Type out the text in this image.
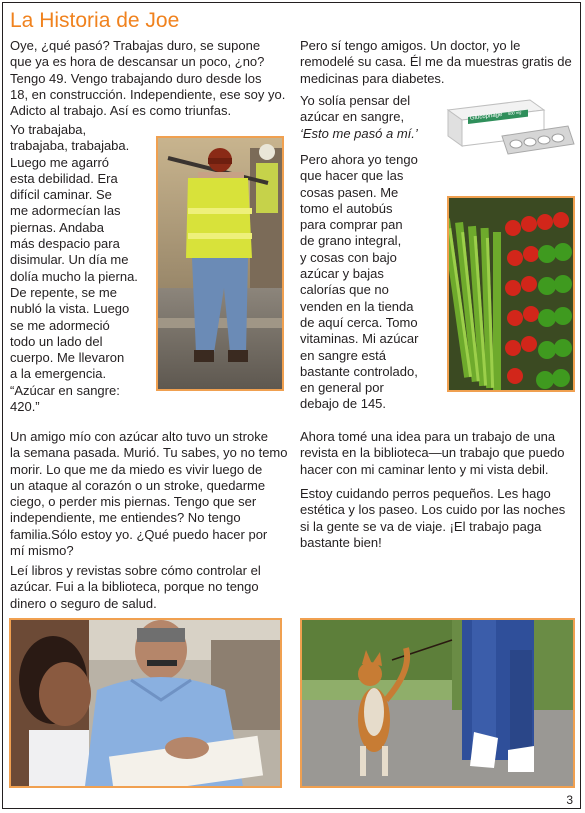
La Historia de Joe
Oye, ¿qué pasó? Trabajas duro, se supone
que ya es hora de descansar un poco, ¿no?
Tengo 49. Vengo trabajando duro desde los
18, en construcción. Independiente, ese soy yo.
Adicto al trabajo. Así es como triunfas.
Yo trabajaba,
trabajaba, trabajaba.
Luego me agarró
esta debilidad. Era
difícil caminar. Se
me adormecían las
piernas. Andaba
más despacio para
disimular. Un día me
dolía mucho la pierna.
De repente, se me
nubló la vista. Luego
se me adormeció
todo un lado del
cuerpo. Me llevaron
a la emergencia.
“Azúcar en sangre:
420.”
Pero sí tengo amigos. Un doctor, yo le
remodelé su casa. Él me da muestras gratis de
medicinas para diabetes.
Yo solía pensar del
azúcar en sangre,
‘Esto me pasó a mí.’
Glucophage 500 mg
Pero ahora yo tengo
que hacer que las
cosas pasen. Me
tomo el autobús
para comprar pan
de grano integral,
y cosas con bajo
azúcar y bajas
calorías que no
venden en la tienda
de aquí cerca. Tomo
vitaminas. Mi azúcar
en sangre está
bastante controlado,
en general por
debajo de 145.
Un amigo mío con azúcar alto tuvo un stroke
la semana pasada. Murió. Tu sabes, yo no temo
morir. Lo que me da miedo es vivir luego de
un ataque al corazón o un stroke, quedarme
ciego, o perder mis piernas. Tengo que ser
independiente, me entiendes? No tengo
familia.Sólo estoy yo. ¿Qué puedo hacer por
mí mismo?
Leí libros y revistas sobre cómo controlar el
azúcar. Fui a la biblioteca, porque no tengo
dinero o seguro de salud.
Ahora tomé una idea para un trabajo de una
revista en la biblioteca—un trabajo que puedo
hacer con mi caminar lento y mi vista debil.
Estoy cuidando perros pequeños. Les hago
estética y los paseo. Los cuido por las noches
si la gente se va de viaje. ¡El trabajo paga
bastante bien!
3
